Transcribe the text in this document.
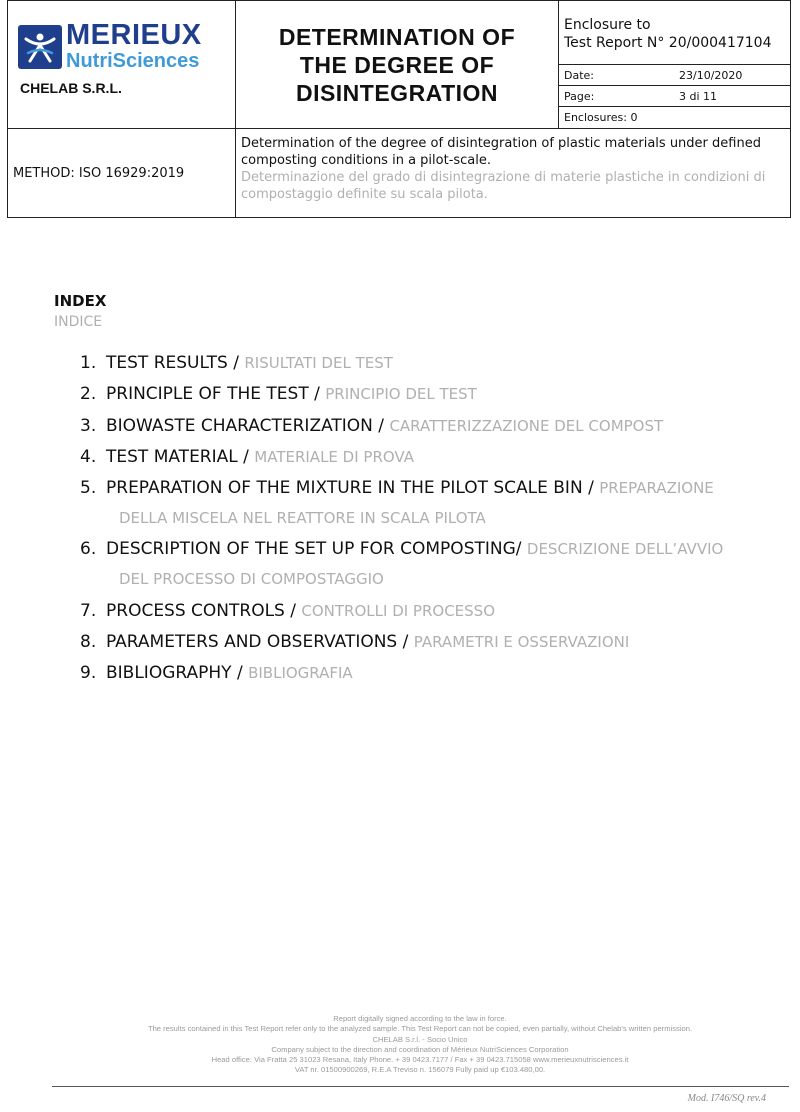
MERIEUX
NutriSciences
CHELAB S.R.L.
DETERMINATION OF
THE DEGREE OF
DISINTEGRATION
Enclosure to
Test Report N° 20/000417104
Date:	23/10/2020
Page:	3 di 11
Enclosures: 0
METHOD: ISO 16929:2019
Determination of the degree of disintegration of plastic materials under defined composting conditions in a pilot-scale.
Determinazione del grado di disintegrazione di materie plastiche in condizioni di compostaggio definite su scala pilota.
INDEX
INDICE
1. TEST RESULTS / RISULTATI DEL TEST
2. PRINCIPLE OF THE TEST / PRINCIPIO DEL TEST
3. BIOWASTE CHARACTERIZATION / CARATTERIZZAZIONE DEL COMPOST
4. TEST MATERIAL / MATERIALE DI PROVA
5. PREPARATION OF THE MIXTURE IN THE PILOT SCALE BIN / PREPARAZIONE
DELLA MISCELA NEL REATTORE IN SCALA PILOTA
6. DESCRIPTION OF THE SET UP FOR COMPOSTING/ DESCRIZIONE DELL’AVVIO
DEL PROCESSO DI COMPOSTAGGIO
7. PROCESS CONTROLS / CONTROLLI DI PROCESSO
8. PARAMETERS AND OBSERVATIONS / PARAMETRI E OSSERVAZIONI
9. BIBLIOGRAPHY / BIBLIOGRAFIA
Report digitally signed according to the law in force.
The results contained in this Test Report refer only to the analyzed sample. This Test Report can not be copied, even partially, without Chelab's written permission.
CHELAB S.r.l. - Socio Unico
Company subject to the direction and coordination of Mérieux NutriSciences Corporation
Head office: Via Fratta 25 31023 Resana, Italy Phone. + 39 0423.7177 / Fax + 39 0423.715058 www.merieuxnutrisciences.it
VAT nr. 01500900269, R.E.A Treviso n. 156079 Fully paid up €103.480,00.
Mod. I746/SQ rev.4
